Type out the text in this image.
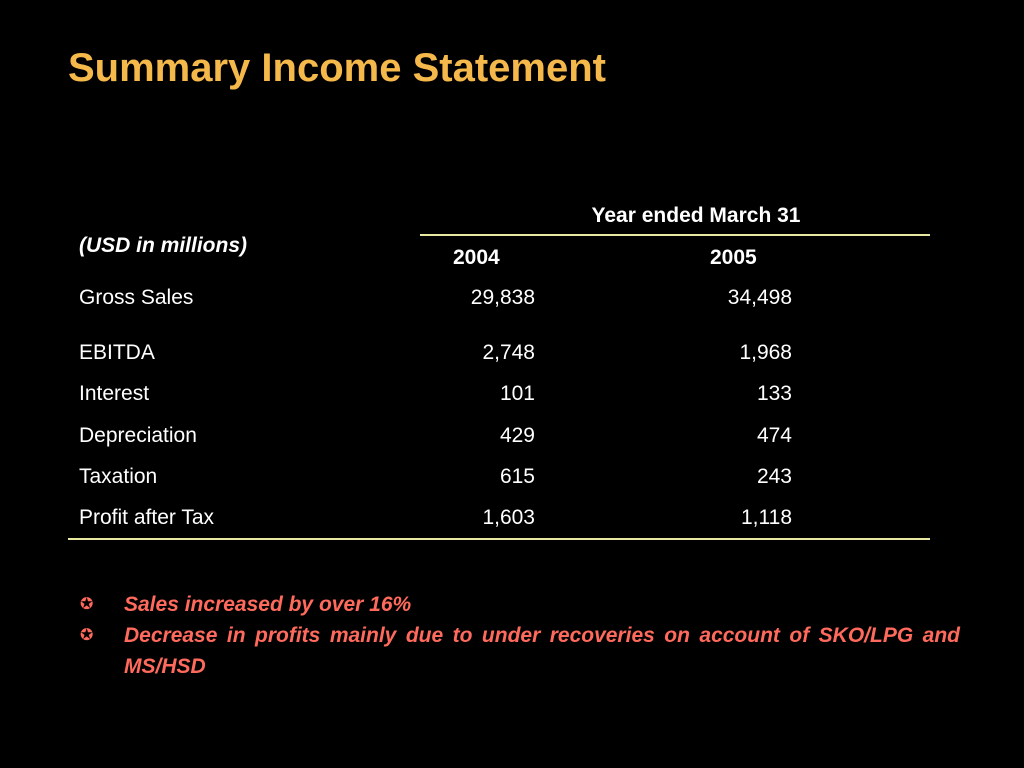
Summary Income Statement
(USD in millions)
Year ended March 31
2004	2005
Gross Sales	29,838	34,498
EBITDA	2,748	1,968
Interest	101	133
Depreciation	429	474
Taxation	615	243
Profit after Tax	1,603	1,118
✪ Sales increased by over 16%
✪ Decrease in profits mainly due to under recoveries on account of SKO/LPG and MS/HSD
